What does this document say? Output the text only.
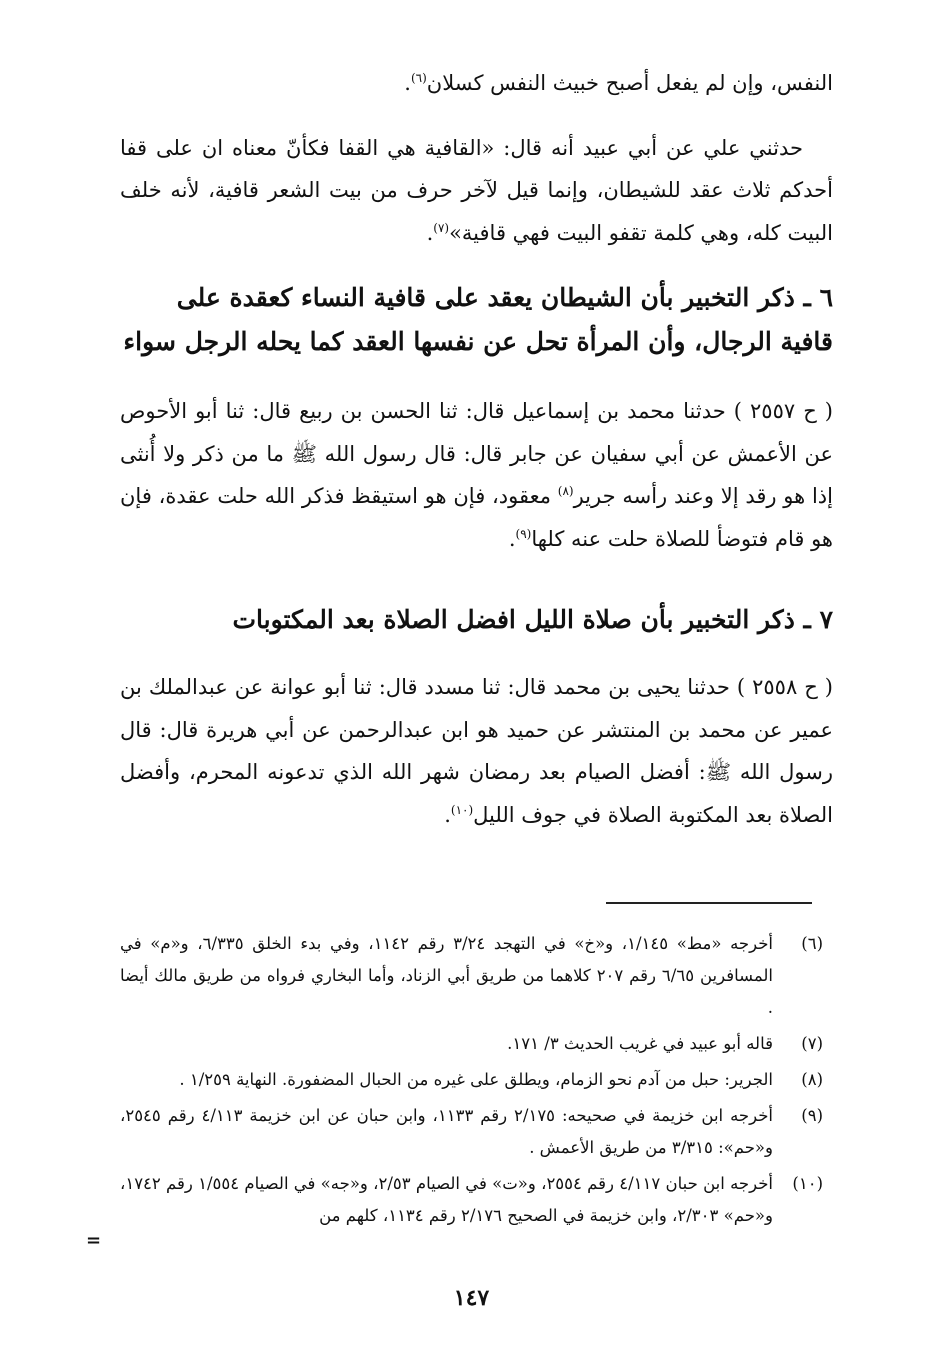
النفس، وإن لم يفعل أصبح خبيث النفس كسلان$^{(٦)}$.

حدثني علي عن أبي عبيد أنه قال: «القافية هي القفا فكأنّ معناه ان على قفا أحدكم ثلاث عقد للشيطان، وإنما قيل لآخر حرف من بيت الشعر قافية، لأنه خلف البيت كله، وهي كلمة تقفو البيت فهي قافية»$^{(٧)}$.

٦ ـ ذكر التخبير بأن الشيطان يعقد على قافية النساء كعقدة على قافية الرجال، وأن المرأة تحل عن نفسها العقد كما يحله الرجل سواء

( ح ٢٥٥٧ ) حدثنا محمد بن إسماعيل قال: ثنا الحسن بن ربيع قال: ثنا أبو الأحوص عن الأعمش عن أبي سفيان عن جابر قال: قال رسول الله ﷺ ما من ذكر ولا أُنثى إذا هو رقد إلا وعند رأسه جرير$^{(٨)}$ معقود، فإن هو استيقظ فذكر الله حلت عقدة، فإن هو قام فتوضأ للصلاة حلت عنه كلها$^{(٩)}$.

٧ ـ ذكر التخبير بأن صلاة الليل افضل الصلاة بعد المكتوبات

( ح ٢٥٥٨ ) حدثنا يحيى بن محمد قال: ثنا مسدد قال: ثنا أبو عوانة عن عبدالملك بن عمير عن محمد بن المنتشر عن حميد هو ابن عبدالرحمن عن أبي هريرة قال: قال رسول الله ﷺ: أفضل الصيام بعد رمضان شهر الله الذي تدعونه المحرم، وأفضل الصلاة بعد المكتوبة الصلاة في جوف الليل$^{(١٠)}$.

(٦)
أخرجه «مط» ١/١٤٥، و«خ» في التهجد ٣/٢٤ رقم ١١٤٢، وفي بدء الخلق ٦/٣٣٥، و«م» في المسافرين ٦/٦٥ رقم ٢٠٧ كلاهما من طريق أبي الزناد، وأما البخاري فرواه من طريق مالك أيضا .
(٧)
قاله أبو عبيد في غريب الحديث ٣/ ١٧١.
(٨)
الجرير: حبل من آدم نحو الزمام، ويطلق على غيره من الحبال المضفورة. النهاية ١/٢٥٩ .
(٩)
أخرجه ابن خزيمة في صحيحه: ٢/١٧٥ رقم ١١٣٣، وابن حبان عن ابن خزيمة ٤/١١٣ رقم ٢٥٤٥، و«حم»: ٣/٣١٥ من طريق الأعمش .
(١٠)
أخرجه ابن حبان ٤/١١٧ رقم ٢٥٥٤، و«ت» في الصيام ٢/٥٣، و«جه» في الصيام ١/٥٥٤ رقم ١٧٤٢، و«حم» ٢/٣٠٣، وابن خزيمة في الصحيح ٢/١٧٦ رقم ١١٣٤، كلهم من
=
١٤٧
